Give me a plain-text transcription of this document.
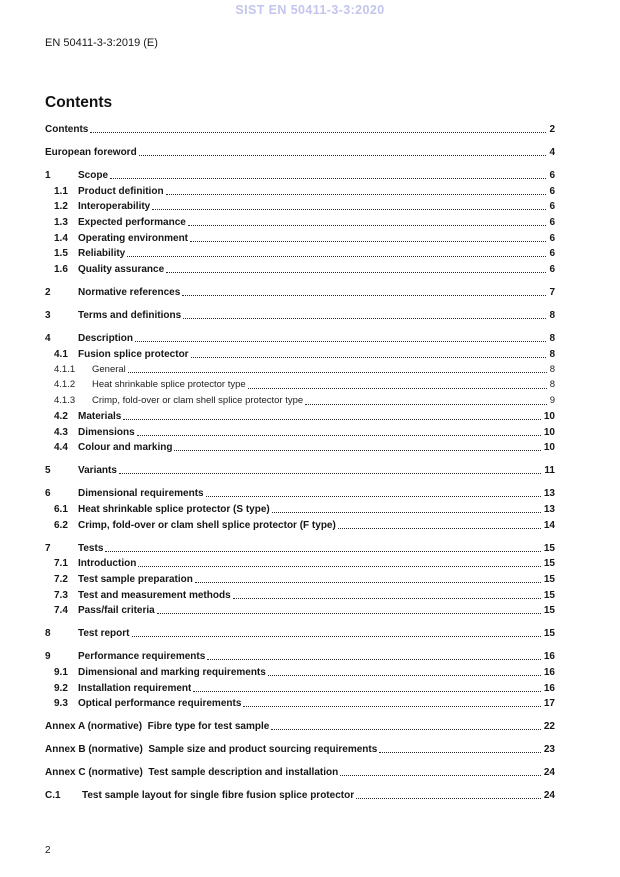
SIST EN 50411-3-3:2020
EN 50411-3-3:2019 (E)
Contents
Contents	2
European foreword	4
1	Scope	6
1.1	Product definition	6
1.2	Interoperability	6
1.3	Expected performance	6
1.4	Operating environment	6
1.5	Reliability	6
1.6	Quality assurance	6
2	Normative references	7
3	Terms and definitions	8
4	Description	8
4.1	Fusion splice protector	8
4.1.1	General	8
4.1.2	Heat shrinkable splice protector type	8
4.1.3	Crimp, fold-over or clam shell splice protector type	9
4.2	Materials	10
4.3	Dimensions	10
4.4	Colour and marking	10
5	Variants	11
6	Dimensional requirements	13
6.1	Heat shrinkable splice protector (S type)	13
6.2	Crimp, fold-over or clam shell splice protector (F type)	14
7	Tests	15
7.1	Introduction	15
7.2	Test sample preparation	15
7.3	Test and measurement methods	15
7.4	Pass/fail criteria	15
8	Test report	15
9	Performance requirements	16
9.1	Dimensional and marking requirements	16
9.2	Installation requirement	16
9.3	Optical performance requirements	17
Annex A (normative)  Fibre type for test sample	22
Annex B (normative)  Sample size and product sourcing requirements	23
Annex C (normative)  Test sample description and installation	24
C.1	Test sample layout for single fibre fusion splice protector	24
2
